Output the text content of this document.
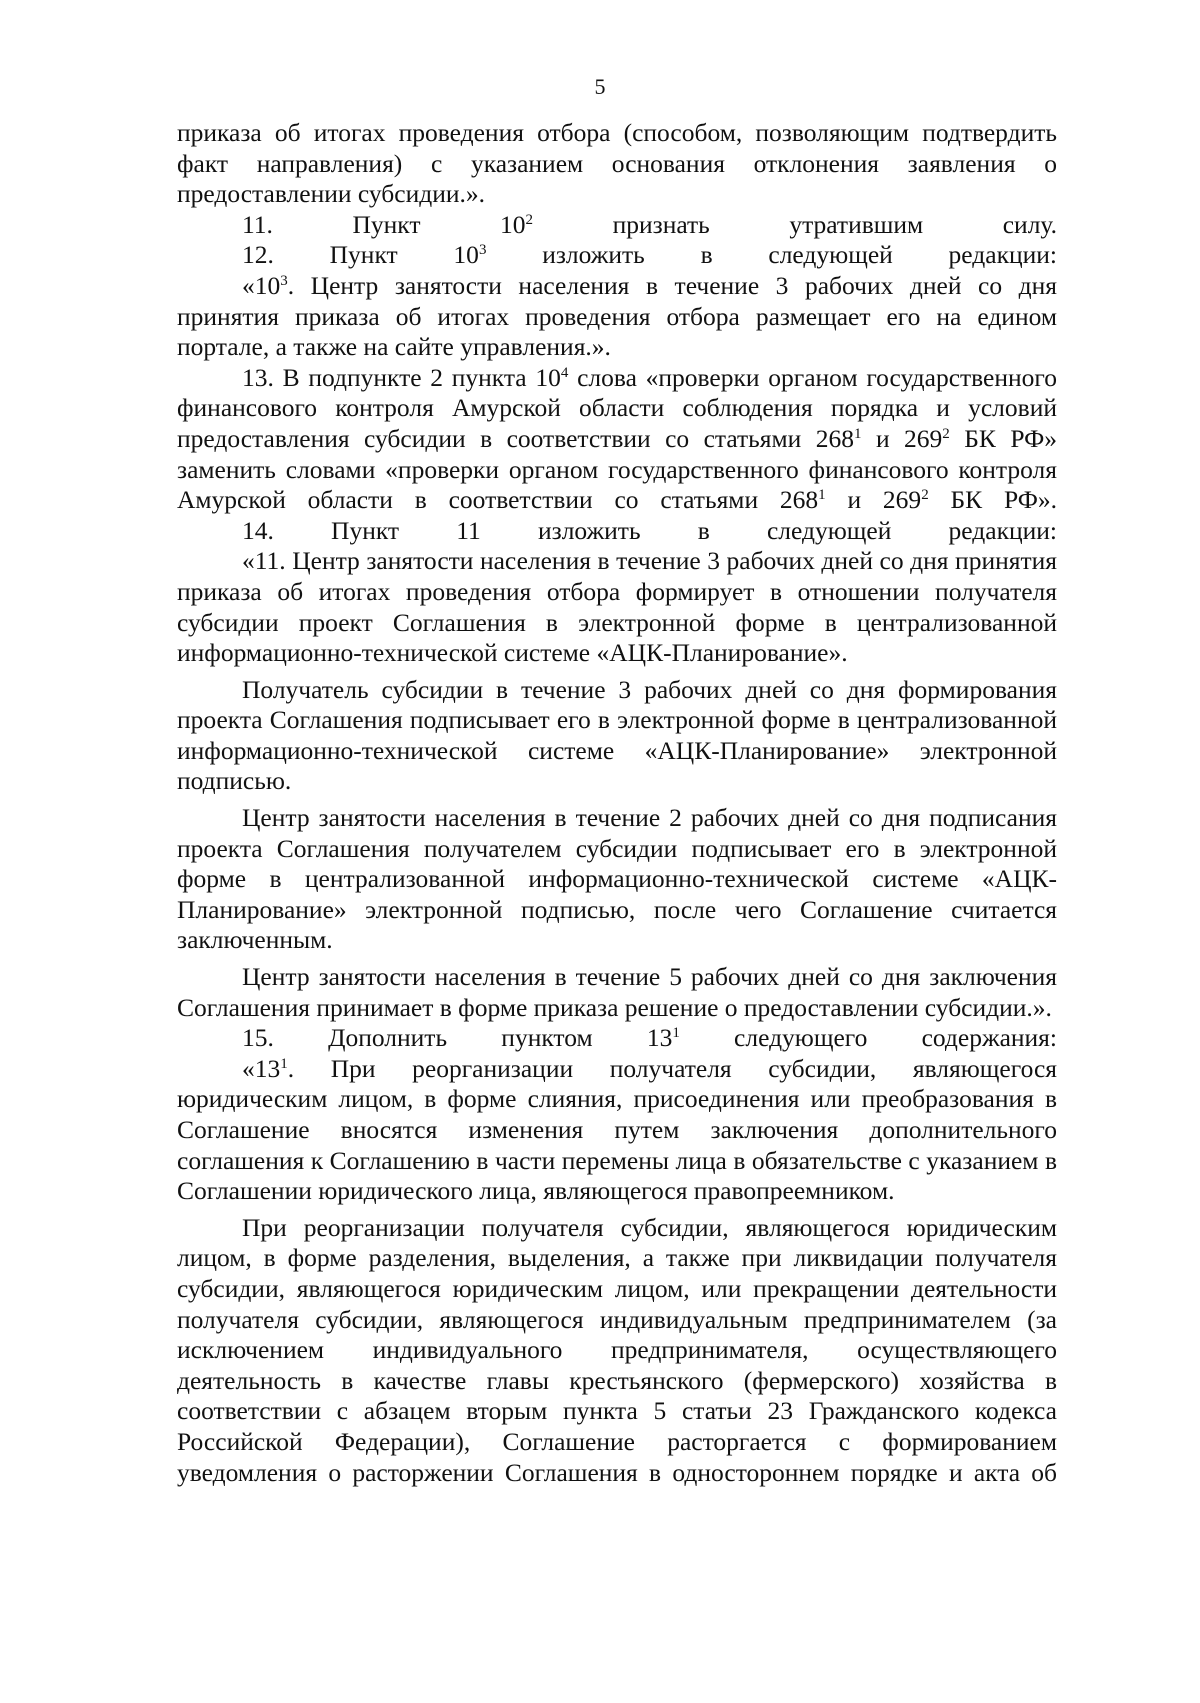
5

приказа об итогах проведения отбора (способом, позволяющим подтвердить факт направления) с указанием основания отклонения заявления о предоставлении субсидии.».

11. Пункт $10^2$ признать утратившим силу.

12. Пункт $10^3$ изложить в следующей редакции:

«$10^3$. Центр занятости населения в течение 3 рабочих дней со дня принятия приказа об итогах проведения отбора размещает его на едином портале, а также на сайте управления.».

13. В подпункте 2 пункта $10^4$ слова «проверки органом государственного финансового контроля Амурской области соблюдения порядка и условий предоставления субсидии в соответствии со статьями $268^1$ и $269^2$ БК РФ» заменить словами «проверки органом государственного финансового контроля Амурской области в соответствии со статьями $268^1$ и $269^2$ БК РФ».

14. Пункт 11 изложить в следующей редакции:

«11. Центр занятости населения в течение 3 рабочих дней со дня принятия приказа об итогах проведения отбора формирует в отношении получателя субсидии проект Соглашения в электронной форме в централизованной информационно-технической системе «АЦК-Планирование».

Получатель субсидии в течение 3 рабочих дней со дня формирования проекта Соглашения подписывает его в электронной форме в централизованной информационно-технической системе «АЦК-Планирование» электронной подписью.

Центр занятости населения в течение 2 рабочих дней со дня подписания проекта Соглашения получателем субсидии подписывает его в электронной форме в централизованной информационно-технической системе «АЦК-Планирование» электронной подписью, после чего Соглашение считается заключенным.

Центр занятости населения в течение 5 рабочих дней со дня заключения Соглашения принимает в форме приказа решение о предоставлении субсидии.».

15. Дополнить пунктом $13^1$ следующего содержания:

«$13^1$. При реорганизации получателя субсидии, являющегося юридическим лицом, в форме слияния, присоединения или преобразования в Соглашение вносятся изменения путем заключения дополнительного соглашения к Соглашению в части перемены лица в обязательстве с указанием в Соглашении юридического лица, являющегося правопреемником.

При реорганизации получателя субсидии, являющегося юридическим лицом, в форме разделения, выделения, а также при ликвидации получателя субсидии, являющегося юридическим лицом, или прекращении деятельности получателя субсидии, являющегося индивидуальным предпринимателем (за исключением индивидуального предпринимателя, осуществляющего деятельность в качестве главы крестьянского (фермерского) хозяйства в соответствии с абзацем вторым пункта 5 статьи 23 Гражданского кодекса Российской Федерации), Соглашение расторгается с формированием уведомления о расторжении Соглашения в одностороннем порядке и акта об
